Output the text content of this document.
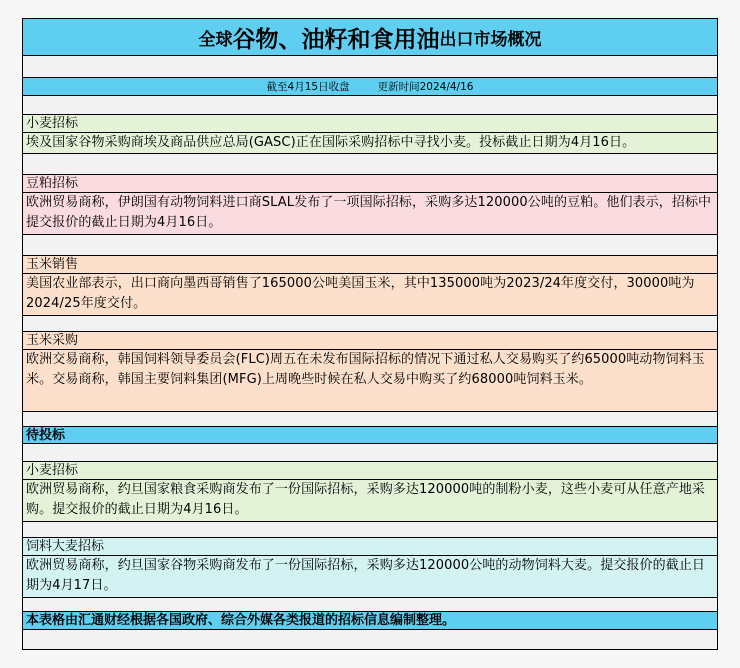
全球 谷物、油籽和食用油 出口市场概况
截至4月15日收盘	更新时间2024/4/16
小麦招标
埃及国家谷物采购商埃及商品供应总局(GASC)正在国际采购招标中寻找小麦。投标截止日期为4月16日。
豆粕招标
欧洲贸易商称，伊朗国有动物饲料进口商SLAL发布了一项国际招标，采购多达120000公吨的豆粕。他们表示，招标中提交报价的截止日期为4月16日。
玉米销售
美国农业部表示，出口商向墨西哥销售了165000公吨美国玉米，其中135000吨为2023/24年度交付，30000吨为2024/25年度交付。
玉米采购
欧洲交易商称，韩国饲料领导委员会(FLC)周五在未发布国际招标的情况下通过私人交易购买了约65000吨动物饲料玉米。交易商称，韩国主要饲料集团(MFG)上周晚些时候在私人交易中购买了约68000吨饲料玉米。
待投标
小麦招标
欧洲贸易商称，约旦国家粮食采购商发布了一份国际招标，采购多达120000吨的制粉小麦，这些小麦可从任意产地采购。提交报价的截止日期为4月16日。
饲料大麦招标
欧洲贸易商称，约旦国家谷物采购商发布了一份国际招标，采购多达120000公吨的动物饲料大麦。提交报价的截止日期为4月17日。
本表格由汇通财经根据各国政府、综合外媒各类报道的招标信息编制整理。
